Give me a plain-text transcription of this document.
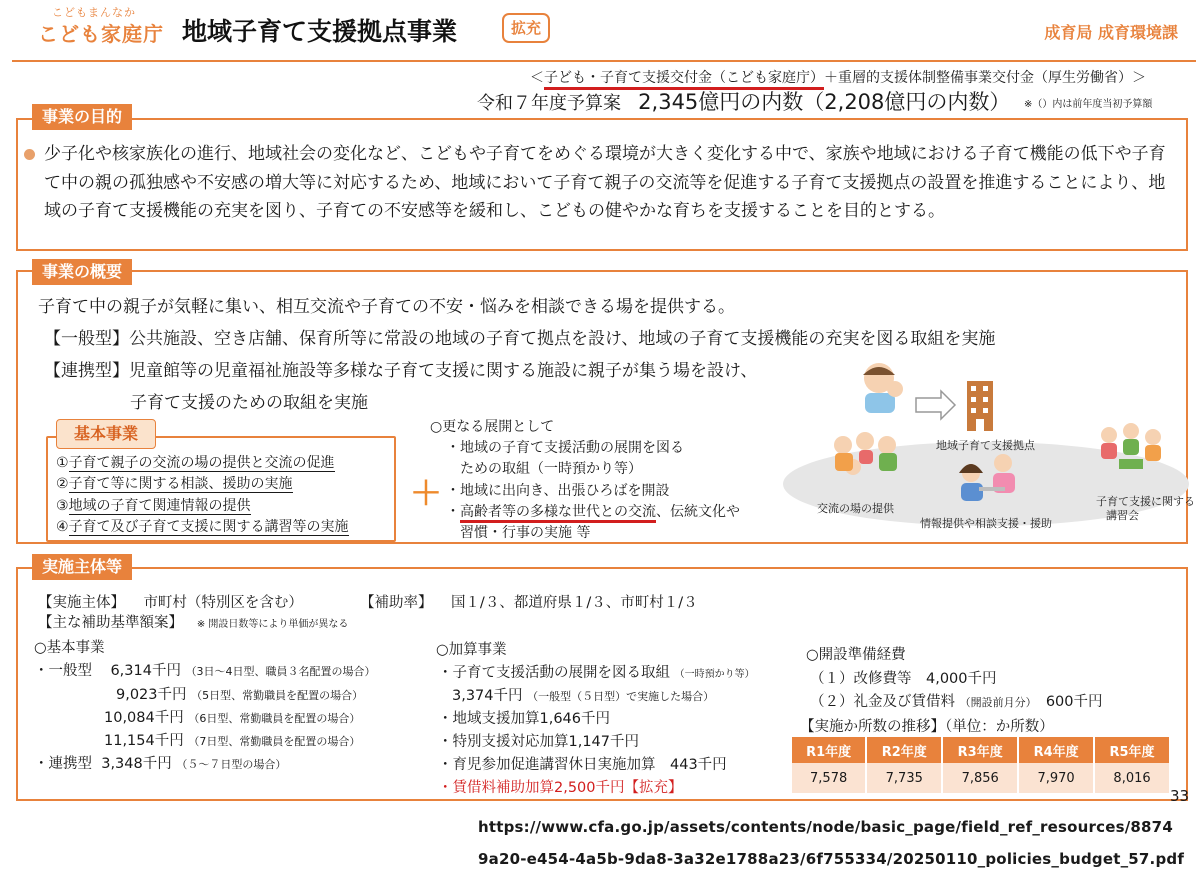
こどもまんなか
こども家庭庁 地域子育て支援拠点事業	拡充	成育局 成育環境課
＜子ども・子育て支援交付金（こども家庭庁）＋重層的支援体制整備事業交付金（厚生労働省）＞
令和７年度予算案 2,345億円の内数（2,208億円の内数） ※（）内は前年度当初予算額
事業の目的
少子化や核家族化の進行、地域社会の変化など、こどもや子育てをめぐる環境が大きく変化する中で、家族や地域における子育て機能の低下や子育て中の親の孤独感や不安感の増大等に対応するため、地域において子育て親子の交流等を促進する子育て支援拠点の設置を推進することにより、地域の子育て支援機能の充実を図り、子育ての不安感等を緩和し、こどもの健やかな育ちを支援することを目的とする。
事業の概要
子育て中の親子が気軽に集い、相互交流や子育ての不安・悩みを相談できる場を提供する。
【一般型】公共施設、空き店舗、保育所等に常設の地域の子育て拠点を設け、地域の子育て支援機能の充実を図る取組を実施
【連携型】児童館等の児童福祉施設等多様な子育て支援に関する施設に親子が集う場を設け、
子育て支援のための取組を実施
基本事業
①子育て親子の交流の場の提供と交流の促進
②子育て等に関する相談、援助の実施
③地域の子育て関連情報の提供
④子育て及び子育て支援に関する講習等の実施
＋
○更なる展開として
・地域の子育て支援活動の展開を図る
ための取組（一時預かり等）
・地域に出向き、出張ひろばを開設
・高齢者等の多様な世代との交流、伝統文化や
習慣・行事の実施 等
地域子育て支援拠点
交流の場の提供
情報提供や相談支援・援助
子育て支援に関する
講習会
実施主体等
【実施主体】 市町村（特別区を含む）	【補助率】 国１/３、都道府県１/３、市町村１/３
【主な補助基準額案】 ※ 開設日数等により単価が異なる
○基本事業
・一般型 6,314千円 （3日～4日型、職員３名配置の場合）
9,023千円 （5日型、常勤職員を配置の場合）
10,084千円 （6日型、常勤職員を配置の場合）
11,154千円 （7日型、常勤職員を配置の場合）
・連携型 3,348千円 （５～７日型の場合）
○加算事業
・子育て支援活動の展開を図る取組 （一時預かり等）
3,374千円 （一般型（５日型）で実施した場合）
・地域支援加算1,646千円
・特別支援対応加算1,147千円
・育児参加促進講習休日実施加算　443千円
・賃借料補助加算2,500千円【拡充】
○開設準備経費
（１）改修費等　4,000千円
（２）礼金及び賃借料 （開設前月分） 600千円
【実施か所数の推移】（単位：か所数）
R1年度	R2年度	R3年度	R4年度	R5年度
7,578	7,735	7,856	7,970	8,016
33
https://www.cfa.go.jp/assets/contents/node/basic_page/field_ref_resources/8874
9a20-e454-4a5b-9da8-3a32e1788a23/6f755334/20250110_policies_budget_57.pdf
